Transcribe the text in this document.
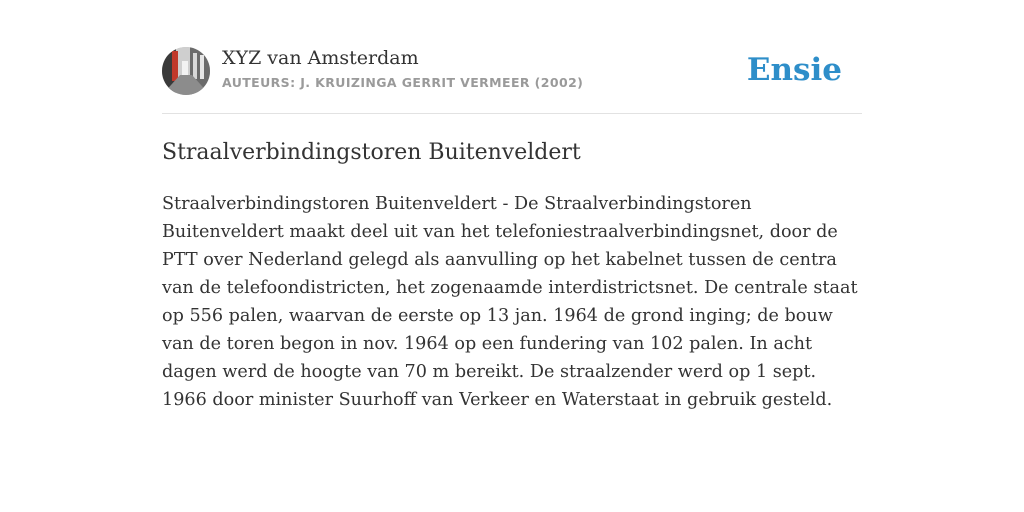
XYZ van Amsterdam
AUTEURS: J. KRUIZINGA GERRIT VERMEER (2002)	Ensie
Straalverbindingstoren Buitenveldert

Straalverbindingstoren Buitenveldert - De Straalverbindingstoren Buitenveldert maakt deel uit van het telefoniestraalverbindingsnet, door de PTT over Nederland gelegd als aanvulling op het kabelnet tussen de centra van de telefoondistricten, het zogenaamde interdistrictsnet. De centrale staat op 556 palen, waarvan de eerste op 13 jan. 1964 de grond inging; de bouw van de toren begon in nov. 1964 op een fundering van 102 palen. In acht dagen werd de hoogte van 70 m bereikt. De straalzender werd op 1 sept. 1966 door minister Suurhoff van Verkeer en Waterstaat in gebruik gesteld.
